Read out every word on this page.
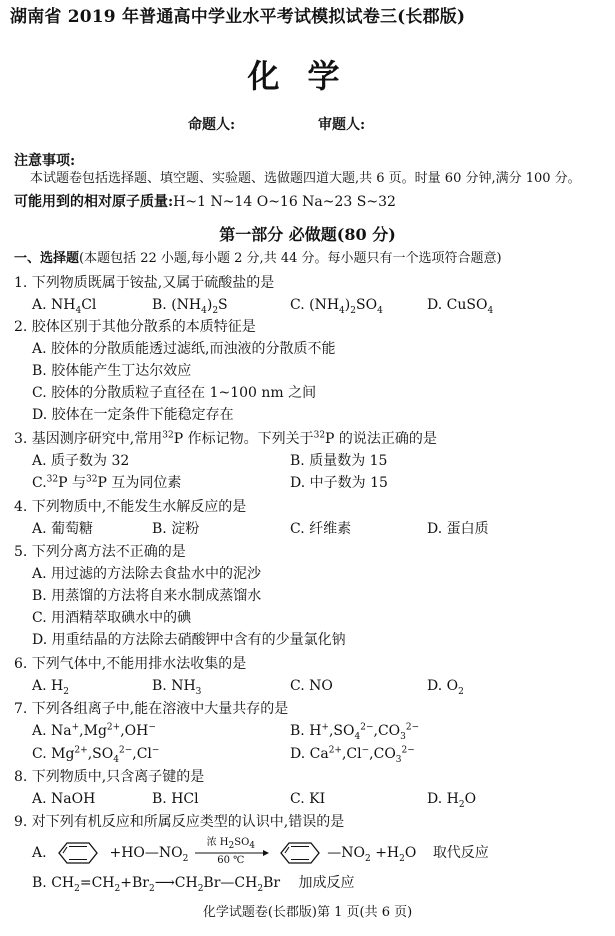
湖南省 2019 年普通高中学业水平考试模拟试卷三(长郡版)
化学
命题人:	审题人:
注意事项:
本试题卷包括选择题、填空题、实验题、选做题四道大题,共 6 页。时量 60 分钟,满分 100 分。
可能用到的相对原子质量:H~1 N~14 O~16 Na~23 S~32
第一部分 必做题(80 分)
一、选择题(本题包括 22 小题,每小题 2 分,共 44 分。每小题只有一个选项符合题意)
1. 下列物质既属于铵盐,又属于硫酸盐的是
A. $NH_4Cl$	B. $(NH_4)_2S$	C. $(NH_4)_2SO_4$	D. CuSO$_4$
2. 胶体区别于其他分散系的本质特征是
A. 胶体的分散质能透过滤纸,而浊液的分散质不能
B. 胶体能产生丁达尔效应
C. 胶体的分散质粒子直径在 1~100 nm 之间
D. 胶体在一定条件下能稳定存在
3. 基因测序研究中,常用$^{32}$P 作标记物。下列关于$^{32}$P 的说法正确的是
A. 质子数为 32	B. 质量数为 15
C.$^{32}$P 与$^{32}$P 互为同位素	D. 中子数为 15
4. 下列物质中,不能发生水解反应的是
A. 葡萄糖	B. 淀粉	C. 纤维素	D. 蛋白质
5. 下列分离方法不正确的是
A. 用过滤的方法除去食盐水中的泥沙
B. 用蒸馏的方法将自来水制成蒸馏水
C. 用酒精萃取碘水中的碘
D. 用重结晶的方法除去硝酸钾中含有的少量氯化钠
6. 下列气体中,不能用排水法收集的是
A. $H_2$	B. $NH_3$	C. NO	D. $O_2$
7. 下列各组离子中,能在溶液中大量共存的是
A. $Na^+,Mg^{2+},OH^-$	B. $H^+,SO_4^{2-},CO_3^{2-}$
C. $Mg^{2+},SO_4^{2-},Cl^-$	D. $Ca^{2+},Cl^-,CO_3^{2-}$
8. 下列物质中,只含离子键的是
A. NaOH	B. HCl	C. KI	D. $H_2O$
9. 对下列有机反应和所属反应类型的认识中,错误的是
A.	$+HO—NO_2$
浓 $H_2SO_4$
60 ℃	$—NO_2 +H_2O$ 取代反应
B. $CH_2=CH_2+Br_2⟶CH_2Br—CH_2Br$ 加成反应
化学试题卷(长郡版)第 1 页(共 6 页)
